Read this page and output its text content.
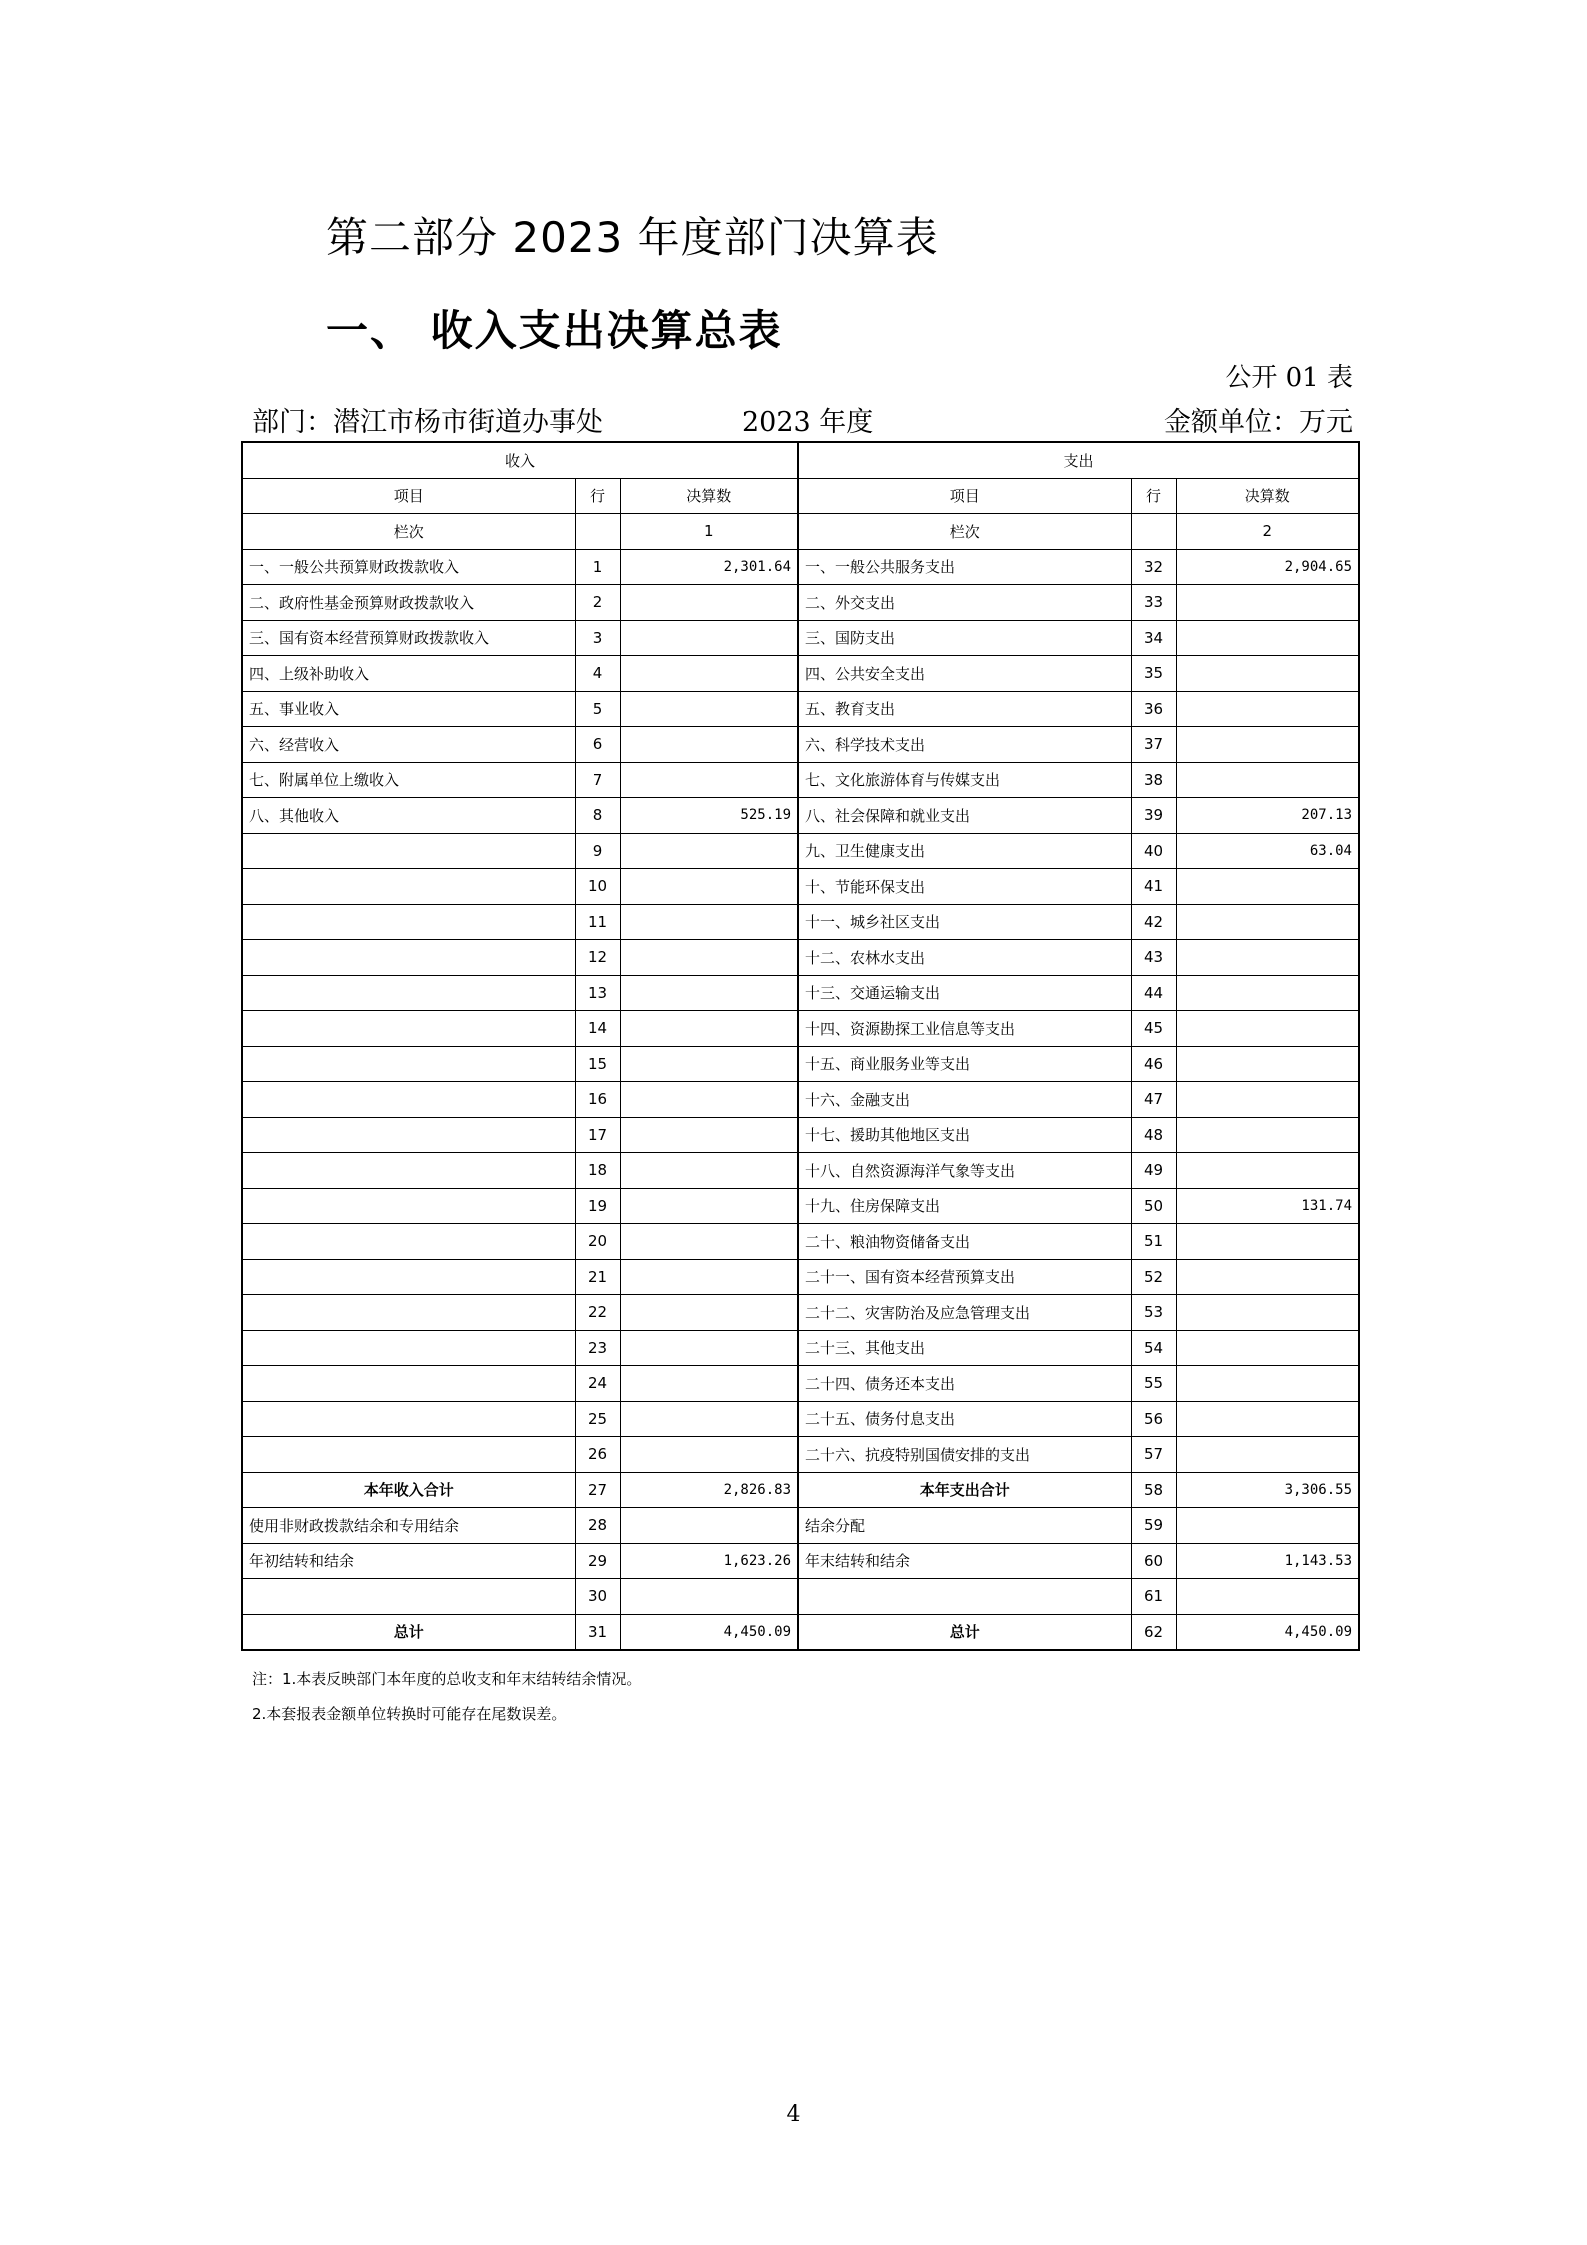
第二部分 2023 年度部门决算表
一、 收入支出决算总表
公开 01 表
部门：潜江市杨市街道办事处	2023 年度	金额单位：万元
收入			支出		
项目	行	决算数	项目	行	决算数
栏次		1	栏次		2
一、一般公共预算财政拨款收入	1	2,301.64	一、一般公共服务支出	32	2,904.65
二、政府性基金预算财政拨款收入	2		二、外交支出	33	
三、国有资本经营预算财政拨款收入	3		三、国防支出	34	
四、上级补助收入	4		四、公共安全支出	35	
五、事业收入	5		五、教育支出	36	
六、经营收入	6		六、科学技术支出	37	
七、附属单位上缴收入	7		七、文化旅游体育与传媒支出	38	
八、其他收入	8	525.19	八、社会保障和就业支出	39	207.13
	9		九、卫生健康支出	40	63.04
	10		十、节能环保支出	41	
	11		十一、城乡社区支出	42	
	12		十二、农林水支出	43	
	13		十三、交通运输支出	44	
	14		十四、资源勘探工业信息等支出	45	
	15		十五、商业服务业等支出	46	
	16		十六、金融支出	47	
	17		十七、援助其他地区支出	48	
	18		十八、自然资源海洋气象等支出	49	
	19		十九、住房保障支出	50	131.74
	20		二十、粮油物资储备支出	51	
	21		二十一、国有资本经营预算支出	52	
	22		二十二、灾害防治及应急管理支出	53	
	23		二十三、其他支出	54	
	24		二十四、债务还本支出	55	
	25		二十五、债务付息支出	56	
	26		二十六、抗疫特别国债安排的支出	57	
本年收入合计	27	2,826.83	本年支出合计	58	3,306.55
使用非财政拨款结余和专用结余	28		结余分配	59	
年初结转和结余	29	1,623.26	年末结转和结余	60	1,143.53
	30			61	
总计	31	4,450.09	总计	62	4,450.09
注：1.本表反映部门本年度的总收支和年末结转结余情况。
2.本套报表金额单位转换时可能存在尾数误差。
4
